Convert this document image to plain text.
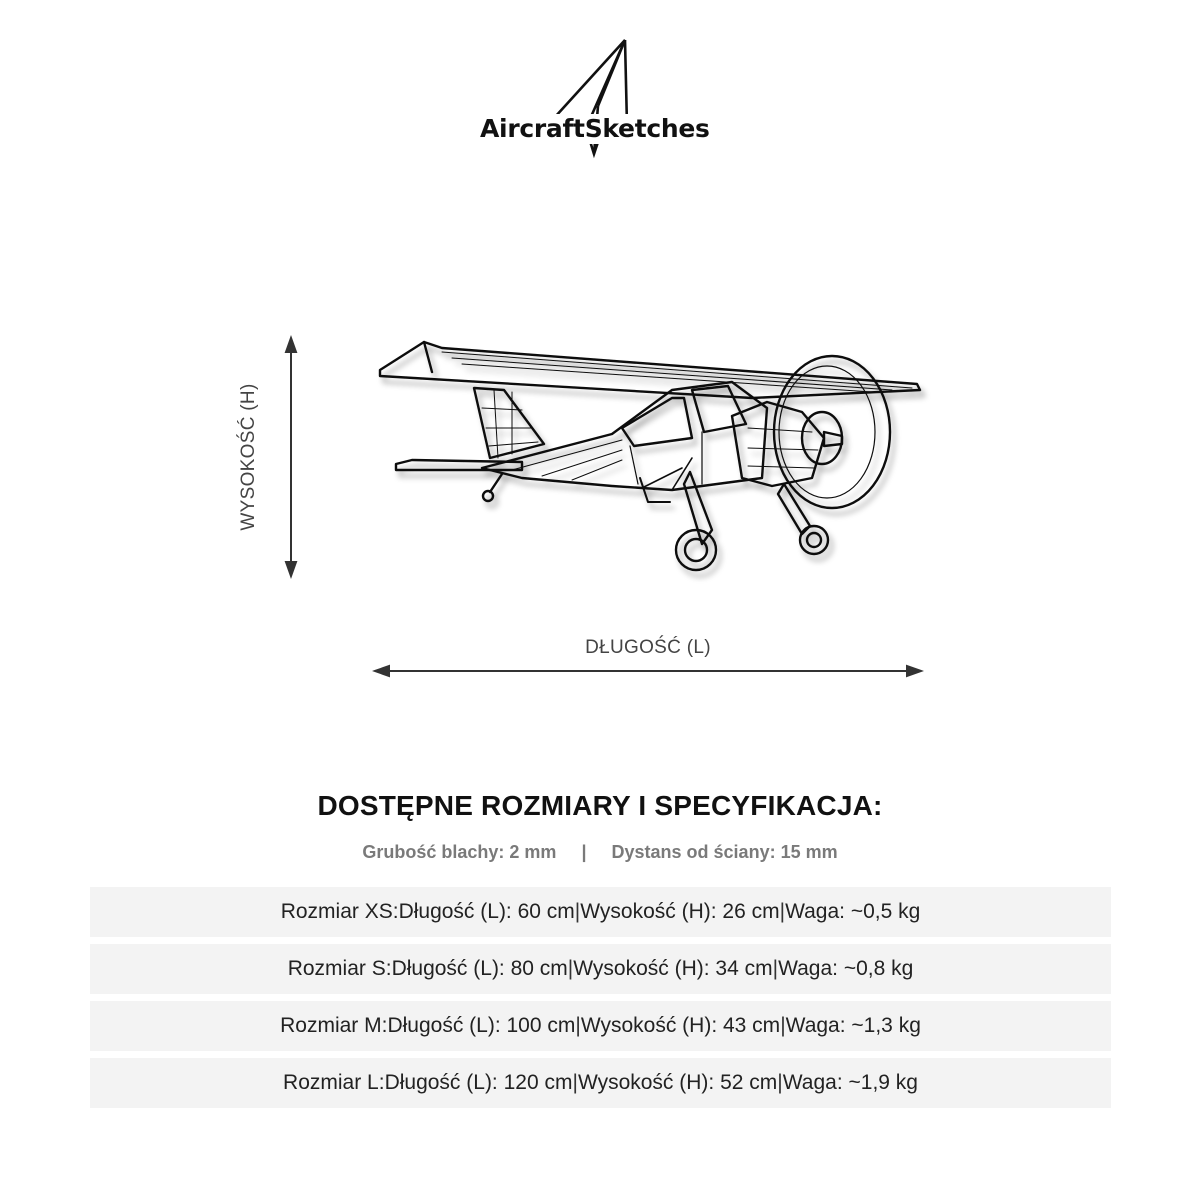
AircraftSketches
WYSOKOŚĆ (H)
DŁUGOŚĆ (L)
DOSTĘPNE ROZMIARY I SPECYFIKACJA:
Grubość blachy: 2 mm | Dystans od ściany: 15 mm
Rozmiar XS: Długość (L): 60 cm | Wysokość (H): 26 cm | Waga: ~0,5 kg
Rozmiar S: Długość (L): 80 cm | Wysokość (H): 34 cm | Waga: ~0,8 kg
Rozmiar M: Długość (L): 100 cm | Wysokość (H): 43 cm | Waga: ~1,3 kg
Rozmiar L: Długość (L): 120 cm | Wysokość (H): 52 cm | Waga: ~1,9 kg
